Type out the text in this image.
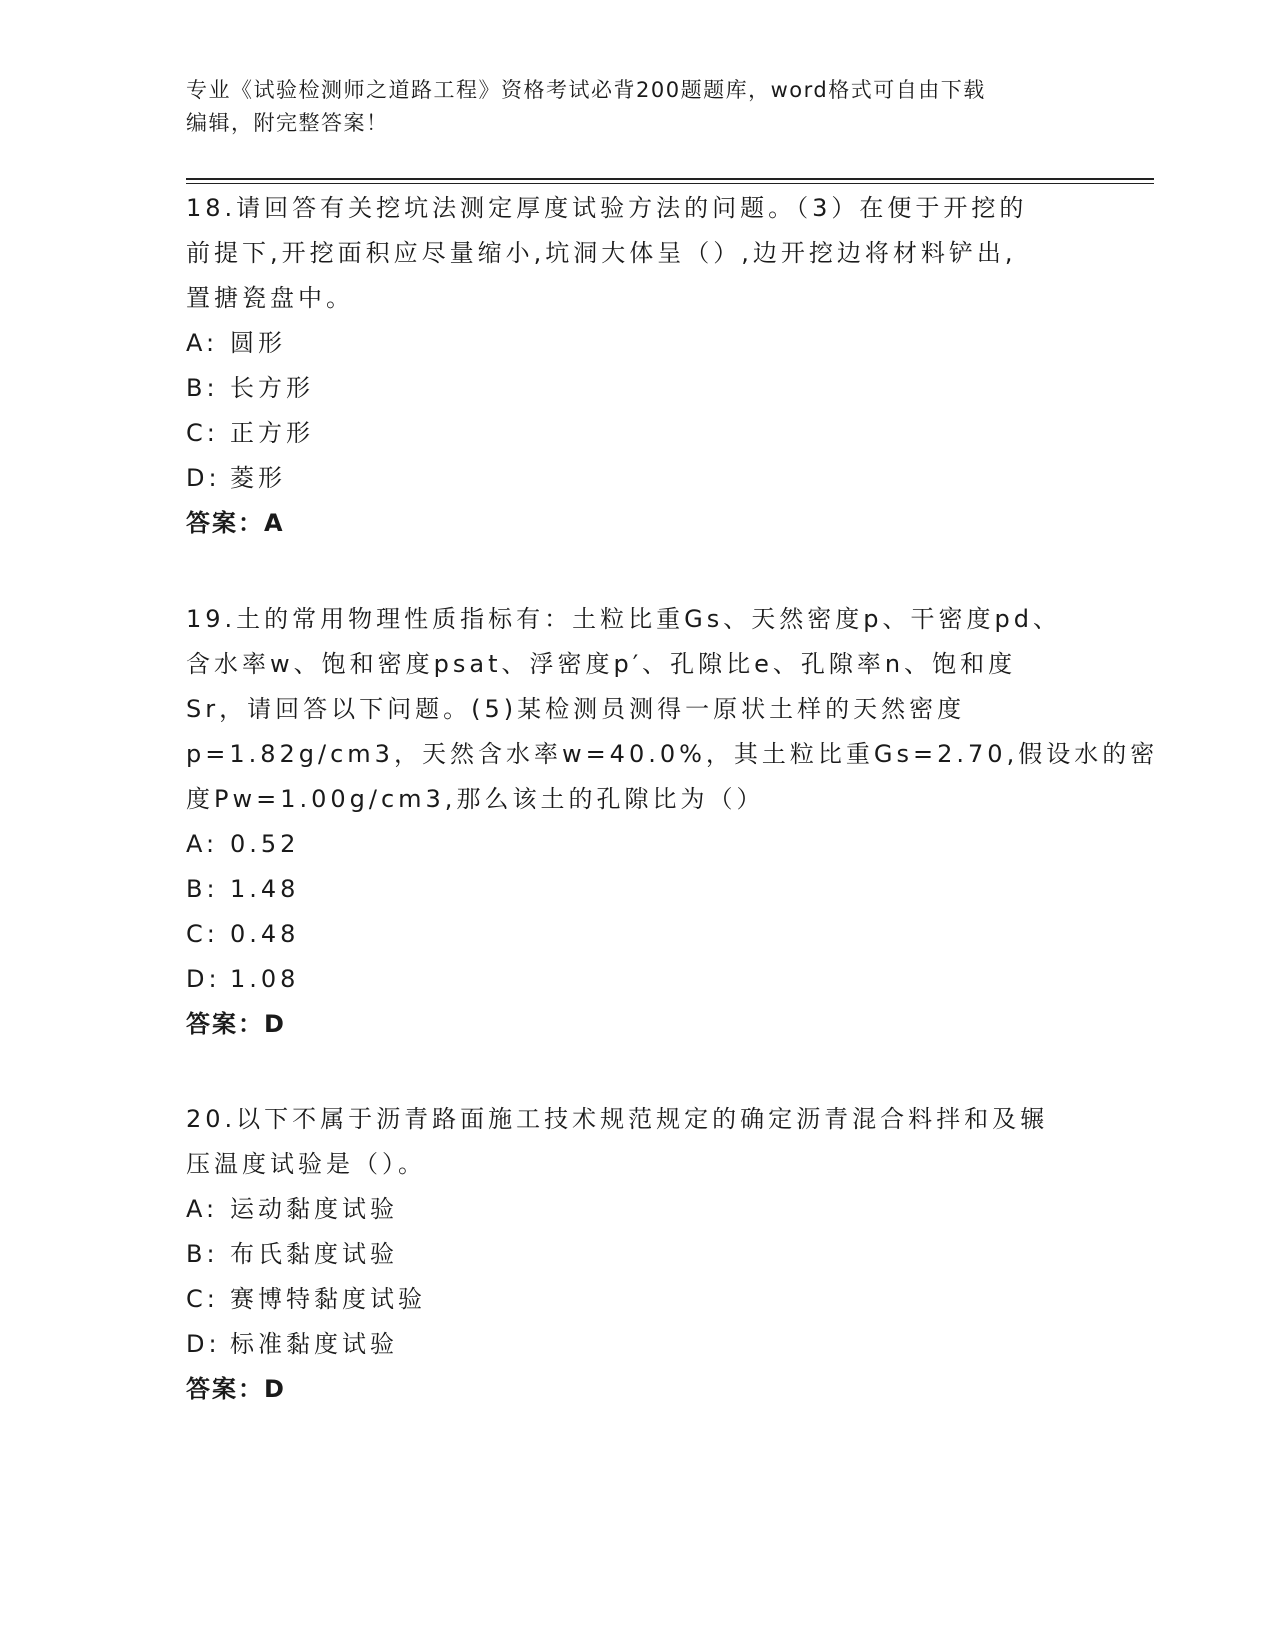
专业《试验检测师之道路工程》资格考试必背200题题库，word格式可自由下载

编辑，附完整答案！

18.请回答有关挖坑法测定厚度试验方法的问题。（3）在便于开挖的
前提下,开挖面积应尽量缩小,坑洞大体呈（）,边开挖边将材料铲出,
置搪瓷盘中。

A: 圆形
B: 长方形
C: 正方形
D: 菱形
答案：A

19.土的常用物理性质指标有：土粒比重Gs、天然密度p、干密度pd、
含水率w、饱和密度psat、浮密度p′、孔隙比e、孔隙率n、饱和度
Sr，请回答以下问题。(5)某检测员测得一原状土样的天然密度
p=1.82g/cm3，天然含水率w=40.0%，其土粒比重Gs=2.70,假设水的密
度Pw=1.00g/cm3,那么该土的孔隙比为（）

A: 0.52
B: 1.48
C: 0.48
D: 1.08
答案：D

20.以下不属于沥青路面施工技术规范规定的确定沥青混合料拌和及辗
压温度试验是（）。

A: 运动黏度试验
B: 布氏黏度试验
C: 赛博特黏度试验
D: 标准黏度试验
答案：D
